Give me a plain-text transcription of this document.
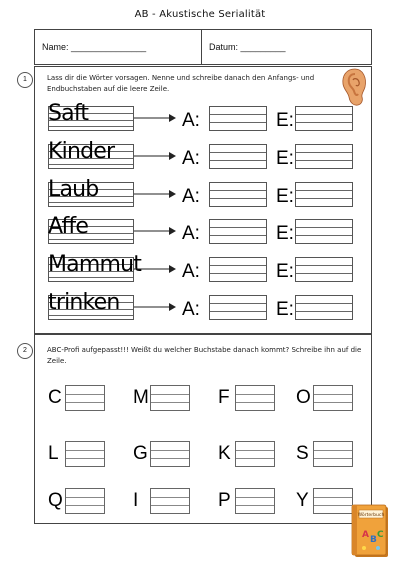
AB - Akustische Serialität
Name: _______________	Datum: _________
1	Lass dir die Wörter vorsagen. Nenne und schreibe danach den Anfangs- und Endbuchstaben auf die leere Zeile.
Saft	A:	E:
Kinder	A:	E:
Laub	A:	E:
Affe	A:	E:
Mammut A:	E:
trinken	A:	E:
2	ABC-Profi aufgepasst!!! Weißt du welcher Buchstabe danach kommt? Schreibe ihn auf die Zeile.
C	M	F	O
L	G	K	S
Q	I	P	Y
Wörterbuch
A B C
